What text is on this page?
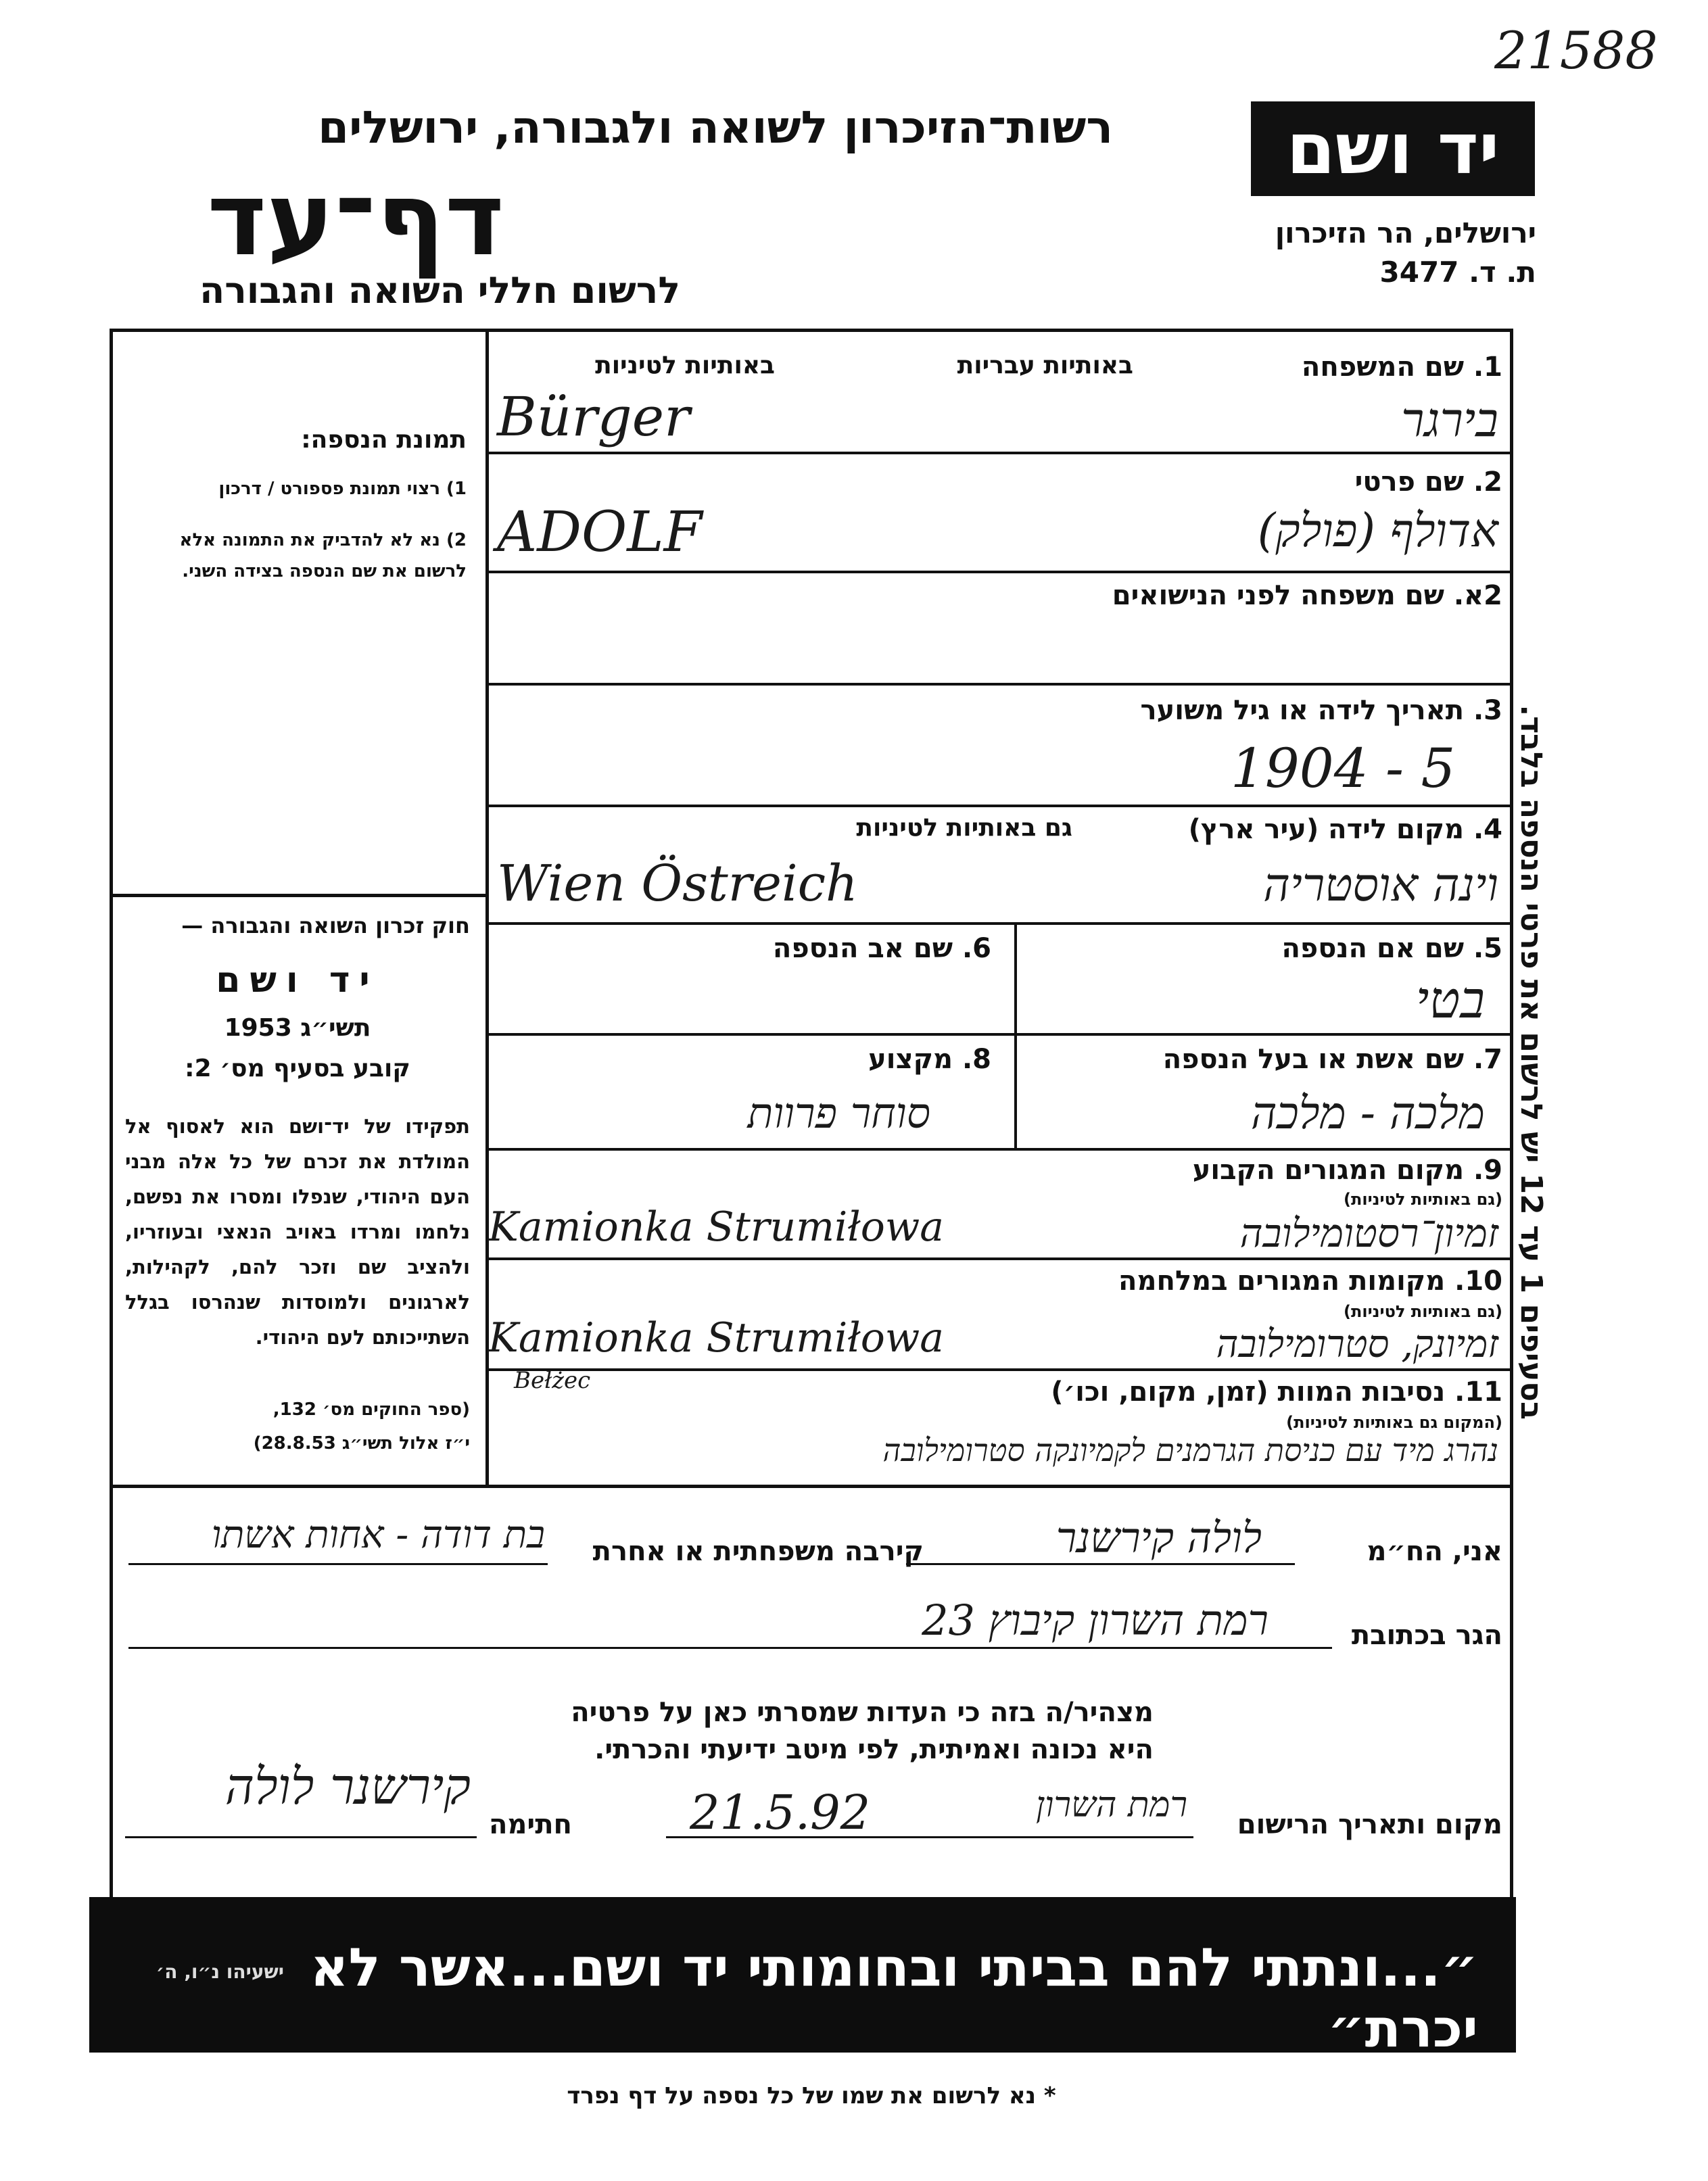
21588
רשות־הזיכרון לשואה ולגבורה, ירושלים
דף־עד
לרשום חללי השואה והגבורה
יד ושם
ירושלים, הר הזיכרון
ת. ד. 3477
תמונת הנספה:
1) רצוי תמונת פספורט / דרכון
2) נא לא להדביק את התמונה אלא לרשום את שם הנספה בצידה השני.
חוק זכרון השואה והגבורה —
יד ושם
תשי״ג 1953
קובע בסעיף מס׳ 2:
תפקידו של יד־ושם הוא לאסוף אל המולדת את זכרם של כל אלה מבני העם היהודי, שנפלו ומסרו את נפשם, נלחמו ומרדו באויב הנאצי ובעוזריו, ולהציב שם וזכר להם, לקהילות, לארגונים ולמוסדות שנהרסו בגלל השתייכותם לעם היהודי.
(ספר החוקים מס׳ 132,
י״ז אלול תשי״ג 28.8.53)
1. שם המשפחה
באותיות עבריות
באותיות לטיניות
בירגר
Bürger
2. שם פרטי
אדולף (פולק)
ADOLF
2א. שם משפחה לפני הנישואים
3. תאריך לידה או גיל משוער
1904 - 5
4. מקום לידה (עיר ארץ)
גם באותיות לטיניות
וינה אוסטריה
Wien Östreich
5. שם אם הנספה
בטי
6. שם אב הנספה
7. שם אשת או בעל הנספה
מלכה - מלכה
8. מקצוע
סוחר פרוות
9. מקום המגורים הקבוע
(גם באותיות לטיניות)
זמיון־רסטומילובה
Kamionka Strumiłowa
10. מקומות המגורים במלחמה
(גם באותיות לטיניות)
זמיונק, סטרומילובה
Kamionka Strumiłowa
11. נסיבות המוות (זמן, מקום, וכו׳)
(המקום גם באותיות לטיניות)
Bełżec
נהרג מיד עם כניסת הגרמנים לקמיונקה סטרומילובה
אני, הח״מ
לולה קירשנר
קירבה משפחתית או אחרת
בת דודה - אחות אשתו
הגר בכתובת
רמת השרון קיבוץ 23
מצהיר/ה בזה כי העדות שמסרתי כאן על פרטיה
היא נכונה ואמיתית, לפי מיטב ידיעתי והכרתי.
מקום ותאריך הרישום
רמת השרון
21.5.92
חתימה
קירשנר לולה
״...ונתתי להם בביתי ובחומותי יד ושם...אשר לא יכרת״
ישעיהו נ״ו, ה׳
* נא לרשום את שמו של כל נספה על דף נפרד
בסעיפים 1 עד 12 יש לרשום את פרטי הנספה בלבד.
